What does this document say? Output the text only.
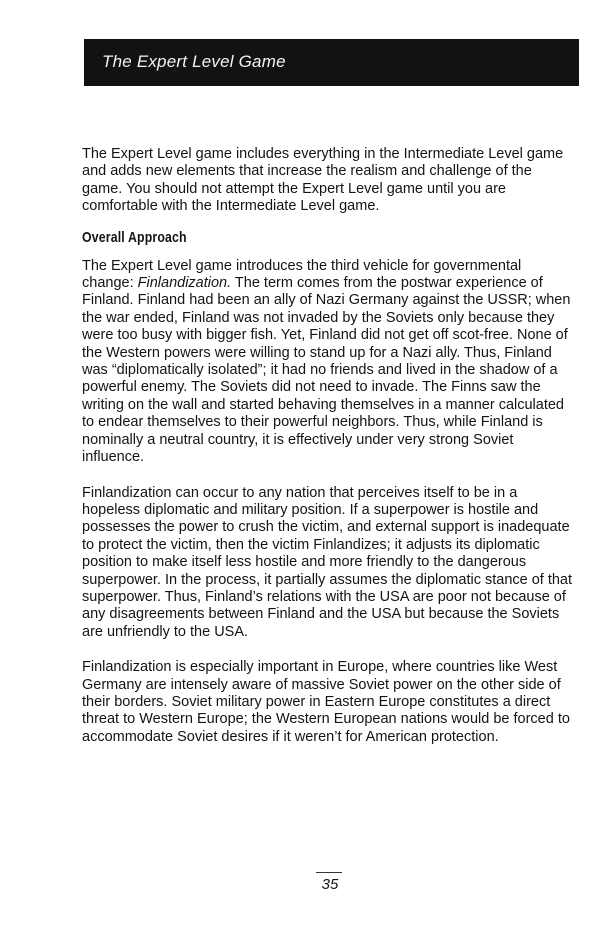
The Expert Level Game

The Expert Level game includes everything in the Intermediate Level game and adds new elements that increase the realism and challenge of the game. You should not attempt the Expert Level game until you are comfortable with the Intermediate Level game.

Overall Approach

The Expert Level game introduces the third vehicle for governmental change: Finlandization. The term comes from the postwar experience of Finland. Finland had been an ally of Nazi Germany against the USSR; when the war ended, Finland was not invaded by the Soviets only because they were too busy with bigger fish. Yet, Finland did not get off scot-free. None of the Western powers were willing to stand up for a Nazi ally. Thus, Finland was “diplomatically isolated”; it had no friends and lived in the shadow of a powerful enemy. The Soviets did not need to invade. The Finns saw the writing on the wall and started behaving themselves in a manner calculated to endear themselves to their powerful neighbors. Thus, while Finland is nominally a neutral country, it is effectively under very strong Soviet influence.

Finlandization can occur to any nation that perceives itself to be in a hopeless diplomatic and military position. If a superpower is hostile and possesses the power to crush the victim, and external support is inadequate to protect the victim, then the victim Finlandizes; it adjusts its diplomatic position to make itself less hostile and more friendly to the dangerous superpower. In the process, it partially assumes the diplomatic stance of that superpower. Thus, Finland’s relations with the USA are poor not because of any disagreements between Finland and the USA but because the Soviets are unfriendly to the USA.

Finlandization is especially important in Europe, where countries like West Germany are intensely aware of massive Soviet power on the other side of their borders. Soviet military power in Eastern Europe constitutes a direct threat to Western Europe; the Western European nations would be forced to accommodate Soviet desires if it weren’t for American protection.

35
